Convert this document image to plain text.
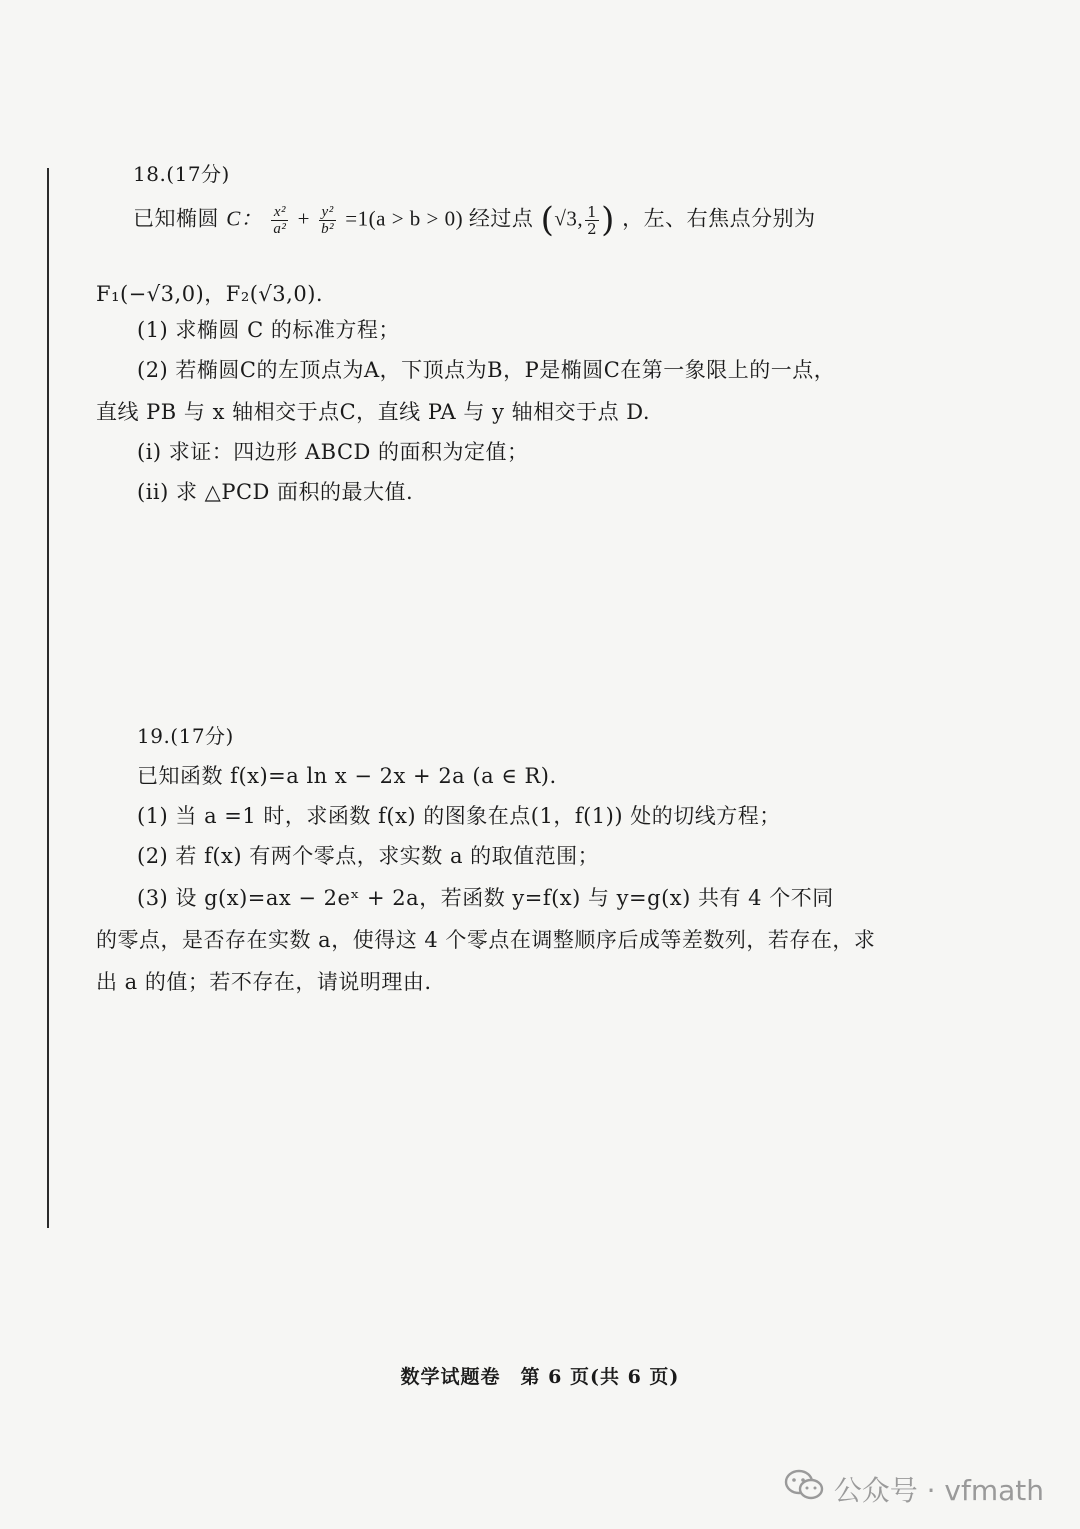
18.(17分)
已知椭圆 C： $\frac{\text{x²}}{\text{a²}} + \frac{\text{y²}}{\text{b²}} =1(a > b > 0)$ 经过点 (√3, $\frac{1}{2}$ ) ，左、右焦点分别为
F₁(−√3,0)，F₂(√3,0).
(1) 求椭圆 C 的标准方程；
(2) 若椭圆C的左顶点为A，下顶点为B，P是椭圆C在第一象限上的一点，
直线 PB 与 x 轴相交于点C，直线 PA 与 y 轴相交于点 D.
(i) 求证：四边形 ABCD 的面积为定值；
(ii) 求 △PCD 面积的最大值.
19.(17分)
已知函数 f(x)=a ln x − 2x + 2a (a ∈ R).
(1) 当 a =1 时，求函数 f(x) 的图象在点(1，f(1)) 处的切线方程；
(2) 若 f(x) 有两个零点，求实数 a 的取值范围；
(3) 设 g(x)=ax − 2eˣ + 2a，若函数 y=f(x) 与 y=g(x) 共有 4 个不同
的零点，是否存在实数 a，使得这 4 个零点在调整顺序后成等差数列，若存在，求
出 a 的值；若不存在，请说明理由.
数学试题卷　第 6 页(共 6 页)
公众号 · vfmath
